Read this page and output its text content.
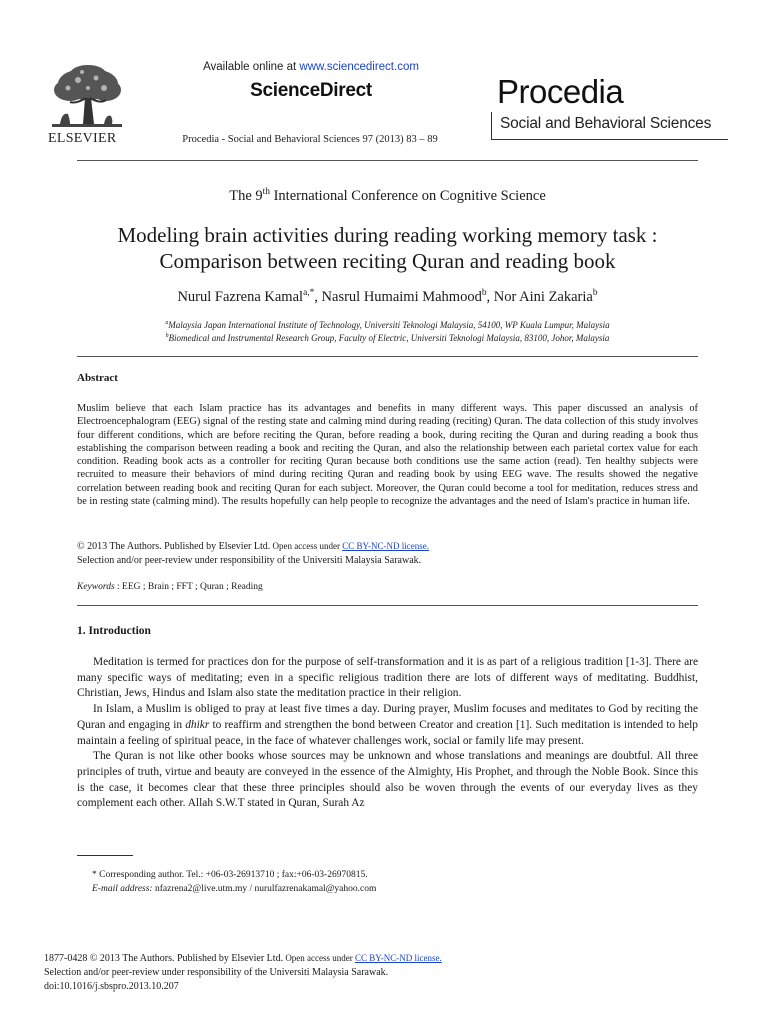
ELSEVIER
Available online at www.sciencedirect.com
ScienceDirect
Procedia - Social and Behavioral Sciences 97 (2013) 83 – 89
Procedia
Social and Behavioral Sciences
The 9th International Conference on Cognitive Science
Modeling brain activities during reading working memory task :
Comparison between reciting Quran and reading book
Nurul Fazrena Kamal$^{a,*}$, Nasrul Humaimi Mahmood$^b$, Nor Aini Zakaria$^b$
$^a$Malaysia Japan International Institute of Technology, Universiti Teknologi Malaysia, 54100, WP Kuala Lumpur, Malaysia
$^b$Biomedical and Instrumental Research Group, Faculty of Electric, Universiti Teknologi Malaysia, 83100, Johor, Malaysia
Abstract
Muslim believe that each Islam practice has its advantages and benefits in many different ways. This paper discussed an analysis of Electroencephalogram (EEG) signal of the resting state and calming mind during reading (reciting) Quran. The data collection of this study involves four different conditions, which are before reciting the Quran, before reading a book, during reciting the Quran and during reading a book thus establishing the comparison between reading a book and reciting the Quran, and also the relationship between each parietal cortex value for each condition. Reading book acts as a controller for reciting Quran because both conditions use the same action (read). Ten healthy subjects were recruited to measure their behaviors of mind during reciting Quran and reading book by using EEG wave. The results showed the negative correlation between reading book and reciting Quran for each subject. Moreover, the Quran could become a tool for meditation, reduces stress and be in resting state (calming mind). The results hopefully can help people to recognize the advantages and the need of Islam's practice in human life.
© 2013 The Authors. Published by Elsevier Ltd. Open access under CC BY-NC-ND license.
Selection and/or peer-review under responsibility of the Universiti Malaysia Sarawak.
Keywords : EEG ; Brain ; FFT ; Quran ; Reading
1. Introduction

Meditation is termed for practices don for the purpose of self-transformation and it is as part of a religious tradition [1-3]. There are many specific ways of meditating; even in a specific religious tradition there are lots of different ways of meditating. Buddhist, Christian, Jews, Hindus and Islam also state the meditation practice in their religion.

In Islam, a Muslim is obliged to pray at least five times a day. During prayer, Muslim focuses and meditates to God by reciting the Quran and engaging in dhikr to reaffirm and strengthen the bond between Creator and creation [1]. Such meditation is intended to help maintain a feeling of spiritual peace, in the face of whatever challenges work, social or family life may present.

The Quran is not like other books whose sources may be unknown and whose translations and meanings are doubtful. All three principles of truth, virtue and beauty are conveyed in the essence of the Almighty, His Prophet, and through the Noble Book. Since this is the case, it becomes clear that these three principles should also be woven through the events of our everyday lives as they complement each other. Allah S.W.T stated in Quran, Surah Az

* Corresponding author. Tel.: +06-03-26913710 ; fax:+06-03-26970815.
E-mail address: nfazrena2@live.utm.my / nurulfazrenakamal@yahoo.com
1877-0428 © 2013 The Authors. Published by Elsevier Ltd. Open access under CC BY-NC-ND license.
Selection and/or peer-review under responsibility of the Universiti Malaysia Sarawak.
doi:10.1016/j.sbspro.2013.10.207
